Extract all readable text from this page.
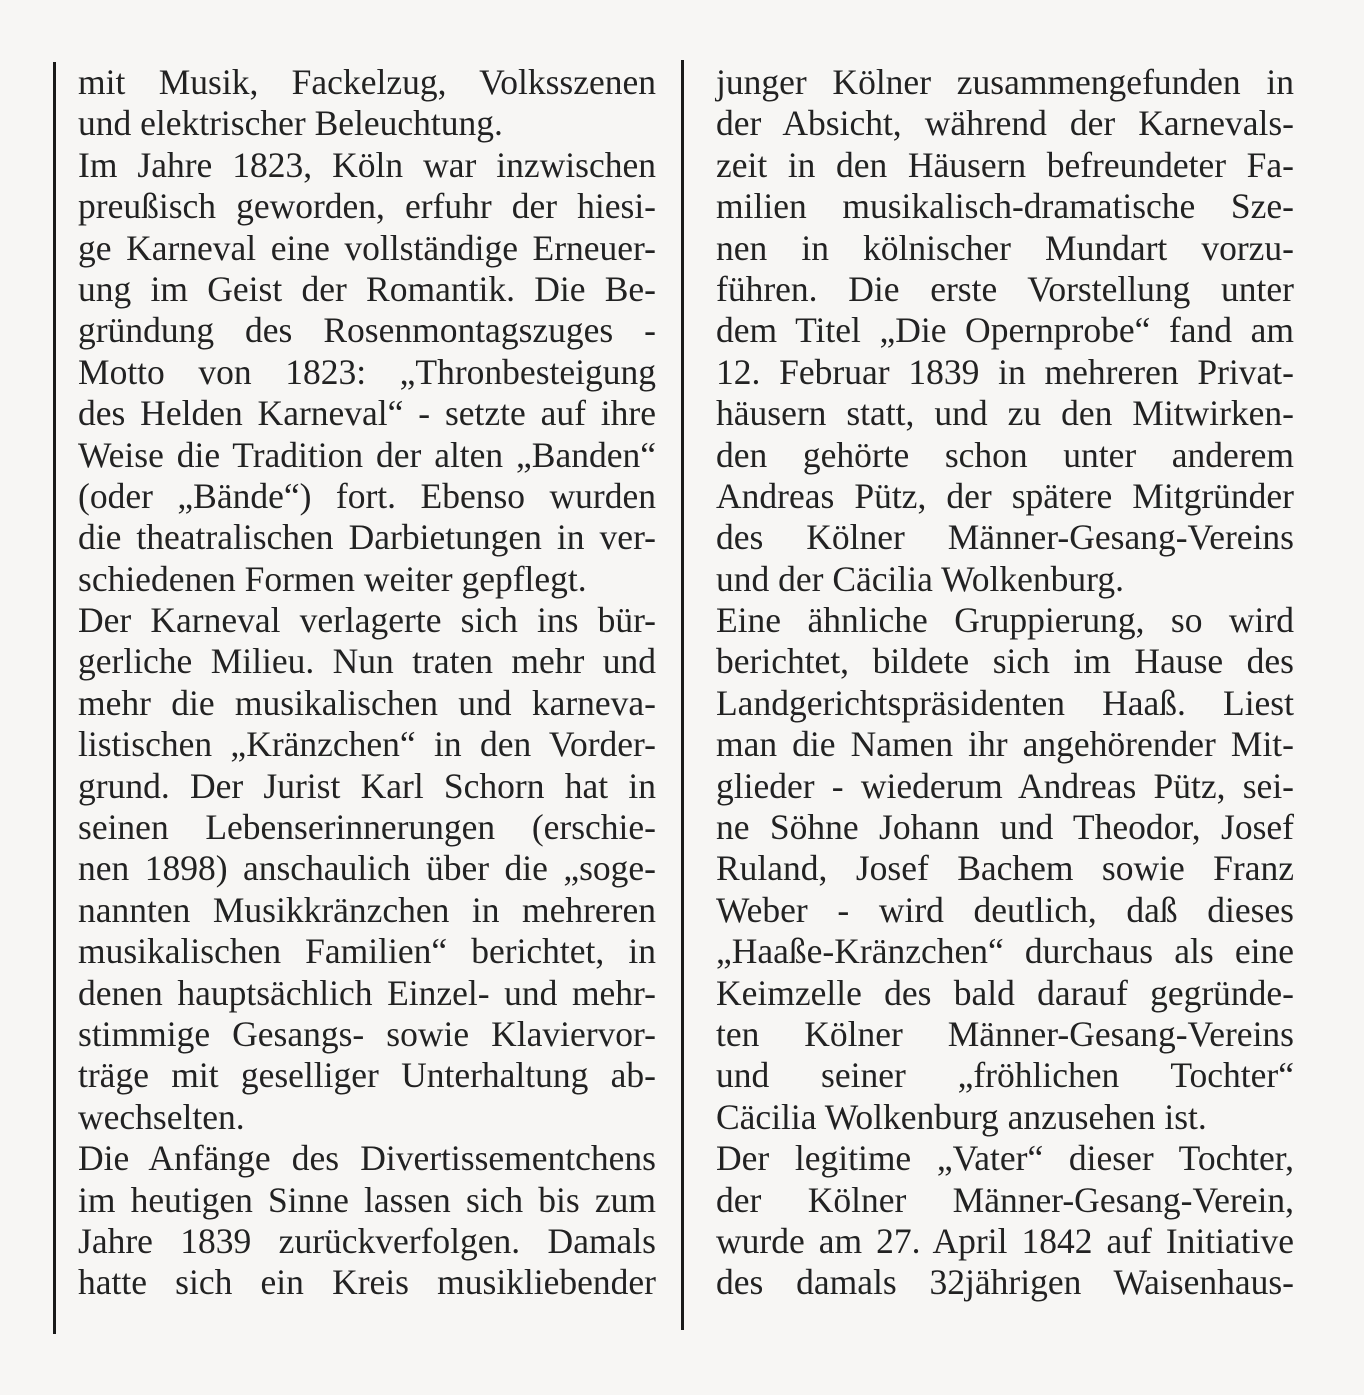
mit Musik, Fackelzug, Volksszenen
und elektrischer Beleuchtung.
Im Jahre 1823, Köln war inzwischen
preußisch geworden, erfuhr der hiesi-
ge Karneval eine vollständige Erneuer-
ung im Geist der Romantik. Die Be-
gründung des Rosenmontagszuges -
Motto von 1823: „Thronbesteigung
des Helden Karneval“ - setzte auf ihre
Weise die Tradition der alten „Banden“
(oder „Bände“) fort. Ebenso wurden
die theatralischen Darbietungen in ver-
schiedenen Formen weiter gepflegt.
Der Karneval verlagerte sich ins bür-
gerliche Milieu. Nun traten mehr und
mehr die musikalischen und karneva-
listischen „Kränzchen“ in den Vorder-
grund. Der Jurist Karl Schorn hat in
seinen Lebenserinnerungen (erschie-
nen 1898) anschaulich über die „soge-
nannten Musikkränzchen in mehreren
musikalischen Familien“ berichtet, in
denen hauptsächlich Einzel- und mehr-
stimmige Gesangs- sowie Klaviervor-
träge mit geselliger Unterhaltung ab-
wechselten.
Die Anfänge des Divertissementchens
im heutigen Sinne lassen sich bis zum
Jahre 1839 zurückverfolgen. Damals
hatte sich ein Kreis musikliebender
junger Kölner zusammengefunden in
der Absicht, während der Karnevals-
zeit in den Häusern befreundeter Fa-
milien musikalisch-dramatische Sze-
nen in kölnischer Mundart vorzu-
führen. Die erste Vorstellung unter
dem Titel „Die Opernprobe“ fand am
12. Februar 1839 in mehreren Privat-
häusern statt, und zu den Mitwirken-
den gehörte schon unter anderem
Andreas Pütz, der spätere Mitgründer
des Kölner Männer-Gesang-Vereins
und der Cäcilia Wolkenburg.
Eine ähnliche Gruppierung, so wird
berichtet, bildete sich im Hause des
Landgerichtspräsidenten Haaß. Liest
man die Namen ihr angehörender Mit-
glieder - wiederum Andreas Pütz, sei-
ne Söhne Johann und Theodor, Josef
Ruland, Josef Bachem sowie Franz
Weber - wird deutlich, daß dieses
„Haaße-Kränzchen“ durchaus als eine
Keimzelle des bald darauf gegründe-
ten Kölner Männer-Gesang-Vereins
und seiner „fröhlichen Tochter“
Cäcilia Wolkenburg anzusehen ist.
Der legitime „Vater“ dieser Tochter,
der Kölner Männer-Gesang-Verein,
wurde am 27. April 1842 auf Initiative
des damals 32jährigen Waisenhaus-
